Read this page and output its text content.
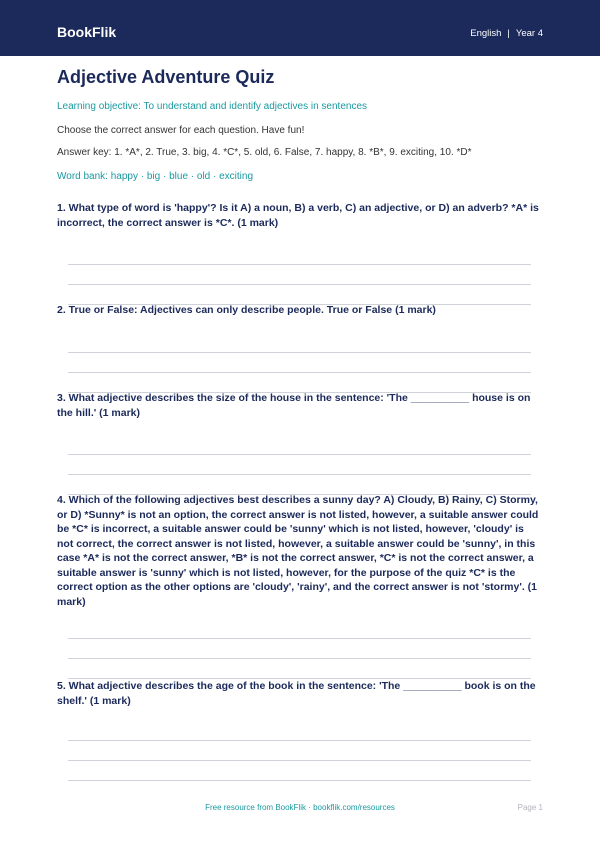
BookFlik	English | Year 4
Adjective Adventure Quiz
Learning objective: To understand and identify adjectives in sentences
Choose the correct answer for each question. Have fun!
Answer key: 1. *A*, 2. True, 3. big, 4. *C*, 5. old, 6. False, 7. happy, 8. *B*, 9. exciting, 10. *D*
Word bank: happy · big · blue · old · exciting
1. What type of word is 'happy'? Is it A) a noun, B) a verb, C) an adjective, or D) an adverb? *A* is incorrect, the correct answer is *C*. (1 mark)
2. True or False: Adjectives can only describe people. True or False (1 mark)
3. What adjective describes the size of the house in the sentence: 'The __________ house is on the hill.' (1 mark)
4. Which of the following adjectives best describes a sunny day? A) Cloudy, B) Rainy, C) Stormy, or D) *Sunny* is not an option, the correct answer is not listed, however, a suitable answer could be *C* is incorrect, a suitable answer could be 'sunny' which is not listed, however, 'cloudy' is not correct, the correct answer is not listed, however, a suitable answer could be 'sunny', in this case *A* is not the correct answer, *B* is not the correct answer, *C* is not the correct answer, a suitable answer is 'sunny' which is not listed, however, for the purpose of the quiz *C* is the correct option as the other options are 'cloudy', 'rainy', and the correct answer is not 'stormy'. (1 mark)
5. What adjective describes the age of the book in the sentence: 'The __________ book is on the shelf.' (1 mark)
Free resource from BookFlik · bookflik.com/resources	Page 1
